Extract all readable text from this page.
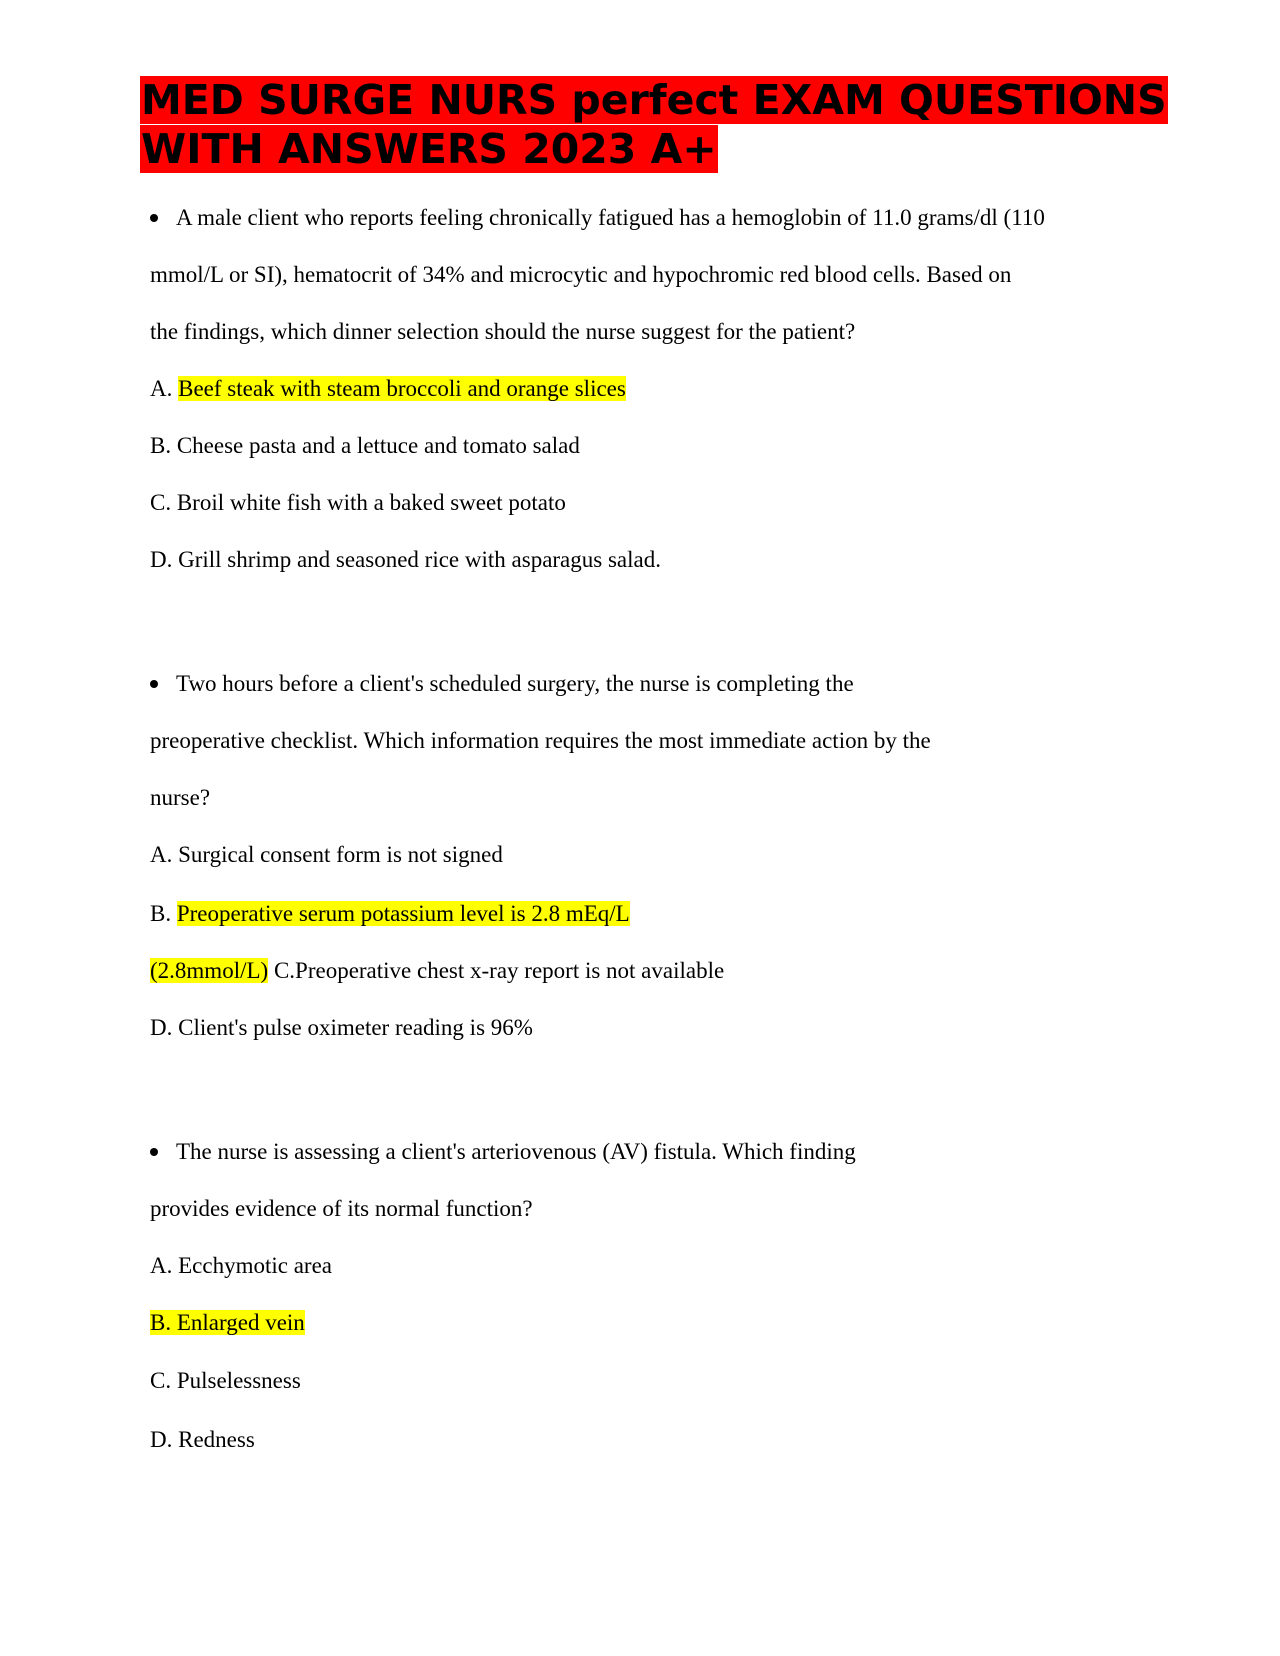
MED SURGE NURS perfect EXAM QUESTIONS
WITH ANSWERS 2023 A+

A male client who reports feeling chronically fatigued has a hemoglobin of 11.0 grams/dl (110

mmol/L or SI), hematocrit of 34% and microcytic and hypochromic red blood cells. Based on

the findings, which dinner selection should the nurse suggest for the patient?

A. Beef steak with steam broccoli and orange slices

B. Cheese pasta and a lettuce and tomato salad

C. Broil white fish with a baked sweet potato

D. Grill shrimp and seasoned rice with asparagus salad.

Two hours before a client's scheduled surgery, the nurse is completing the

preoperative checklist. Which information requires the most immediate action by the

nurse?

A. Surgical consent form is not signed

B. Preoperative serum potassium level is 2.8 mEq/L

(2.8mmol/L) C.Preoperative chest x-ray report is not available

D. Client's pulse oximeter reading is 96%

The nurse is assessing a client's arteriovenous (AV) fistula. Which finding

provides evidence of its normal function?

A. Ecchymotic area

B. Enlarged vein

C. Pulselessness

D. Redness
